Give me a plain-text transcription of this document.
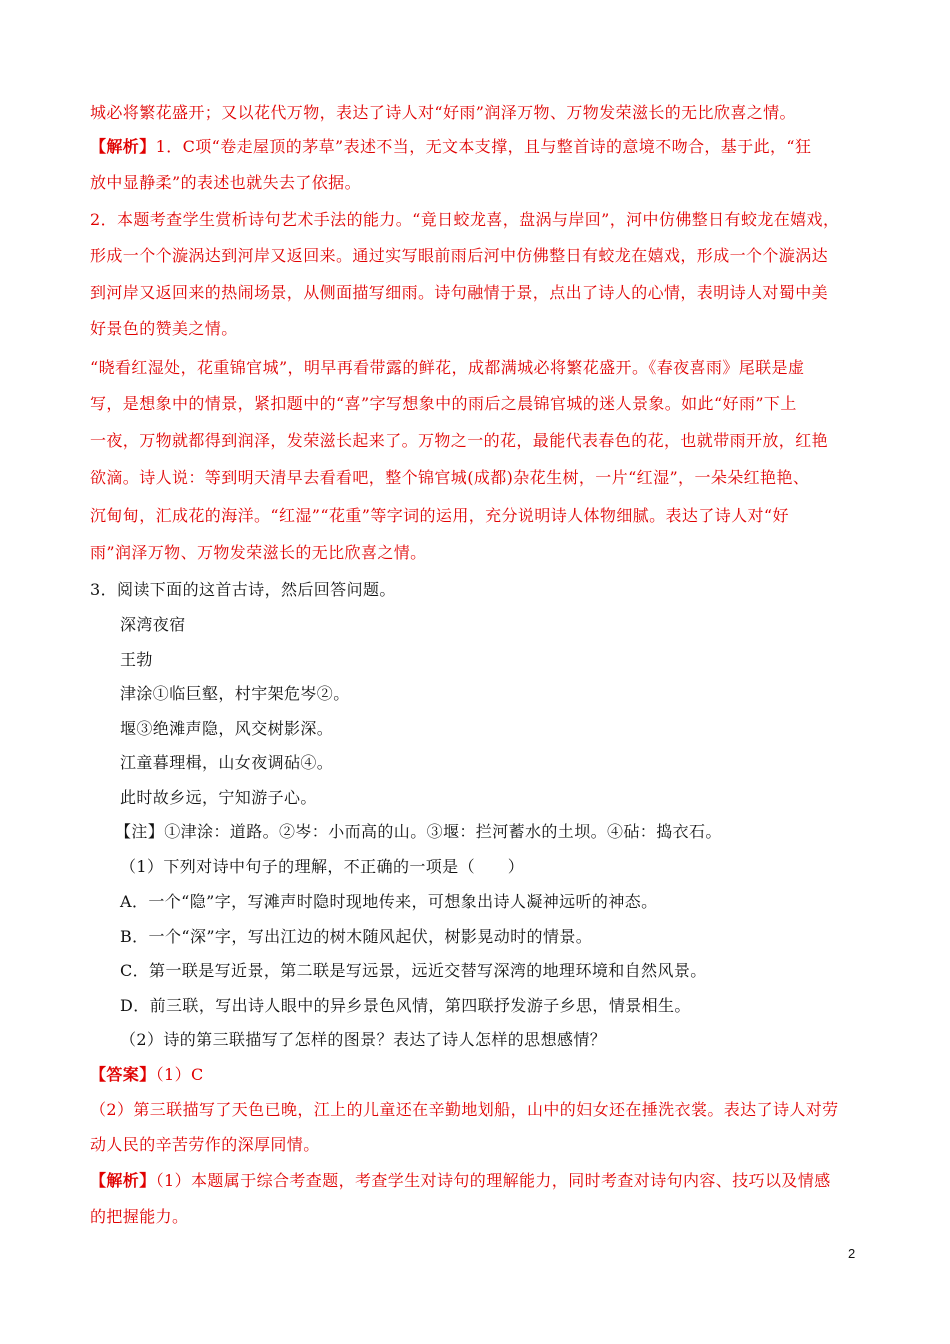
城必将繁花盛开；又以花代万物，表达了诗人对“好雨”润泽万物、万物发荣滋长的无比欣喜之情。
【解析】1．C项“卷走屋顶的茅草”表述不当，无文本支撑，且与整首诗的意境不吻合，基于此，“狂
放中显静柔”的表述也就失去了依据。
2．本题考查学生赏析诗句艺术手法的能力。“竟日蛟龙喜，盘涡与岸回”，河中仿佛整日有蛟龙在嬉戏，
形成一个个漩涡达到河岸又返回来。通过实写眼前雨后河中仿佛整日有蛟龙在嬉戏，形成一个个漩涡达
到河岸又返回来的热闹场景，从侧面描写细雨。诗句融情于景，点出了诗人的心情，表明诗人对蜀中美
好景色的赞美之情。
“晓看红湿处，花重锦官城”，明早再看带露的鲜花，成都满城必将繁花盛开。《春夜喜雨》尾联是虚
写，是想象中的情景，紧扣题中的“喜”字写想象中的雨后之晨锦官城的迷人景象。如此“好雨”下上
一夜，万物就都得到润泽，发荣滋长起来了。万物之一的花，最能代表春色的花，也就带雨开放，红艳
欲滴。诗人说：等到明天清早去看看吧，整个锦官城(成都)杂花生树，一片“红湿”，一朵朵红艳艳、
沉甸甸，汇成花的海洋。“红湿”“花重”等字词的运用，充分说明诗人体物细腻。表达了诗人对“好
雨”润泽万物、万物发荣滋长的无比欣喜之情。
3．阅读下面的这首古诗，然后回答问题。
深湾夜宿
王勃
津涂①临巨壑，村宇架危岑②。
堰③绝滩声隐，风交树影深。
江童暮理楫，山女夜调砧④。
此时故乡远，宁知游子心。
【注】①津涂：道路。②岑：小而高的山。③堰：拦河蓄水的土坝。④砧：捣衣石。
（1）下列对诗中句子的理解，不正确的一项是（　　）
A．一个“隐”字，写滩声时隐时现地传来，可想象出诗人凝神远听的神态。
B．一个“深”字，写出江边的树木随风起伏，树影晃动时的情景。
C．第一联是写近景，第二联是写远景，远近交替写深湾的地理环境和自然风景。
D．前三联，写出诗人眼中的异乡景色风情，第四联抒发游子乡思，情景相生。
（2）诗的第三联描写了怎样的图景？表达了诗人怎样的思想感情？
【答案】（1）C
（2）第三联描写了天色已晚，江上的儿童还在辛勤地划船，山中的妇女还在捶洗衣裳。表达了诗人对劳
动人民的辛苦劳作的深厚同情。
【解析】（1）本题属于综合考查题，考查学生对诗句的理解能力，同时考查对诗句内容、技巧以及情感
的把握能力。
2
